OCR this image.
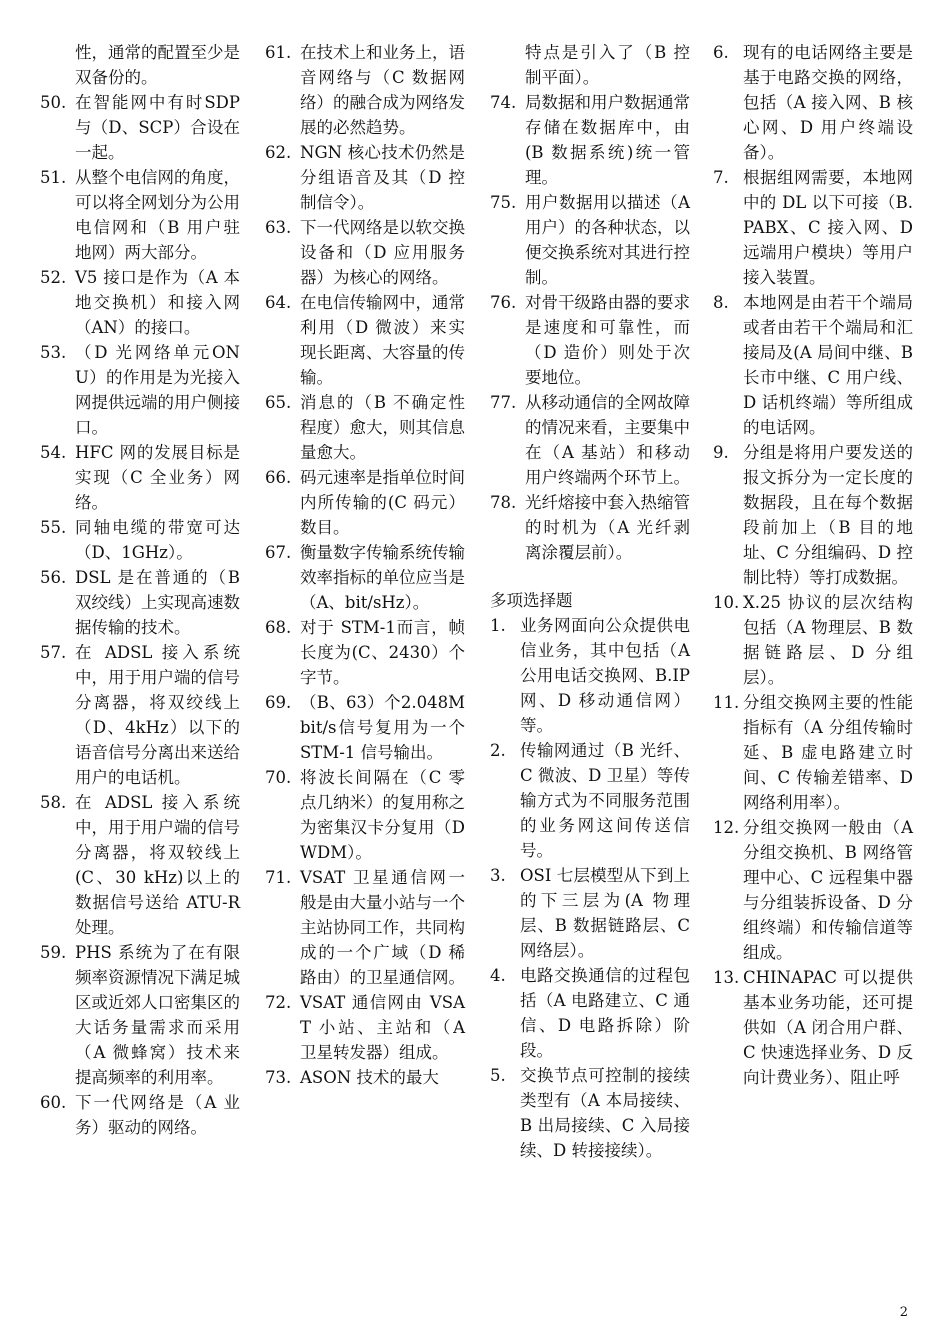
性，通常的配置至少是双备份的。
50. 在智能网中有时SDP与（D、SCP）合设在一起。
51. 从整个电信网的角度，可以将全网划分为公用电信网和（B 用户驻地网）两大部分。
52. V5 接口是作为（A 本地交换机）和接入网（AN）的接口。
53. （D 光网络单元ONU）的作用是为光接入网提供远端的用户侧接口。
54. HFC 网的发展目标是实现（C 全业务）网络。
55. 同轴电缆的带宽可达（D、1GHz）。
56. DSL 是在普通的（B 双绞线）上实现高速数据传输的技术。
57. 在 ADSL 接入系统中，用于用户端的信号分离器，将双绞线上（D、4kHz）以下的语音信号分离出来送给用户的电话机。
58. 在 ADSL 接入系统中，用于用户端的信号分离器，将双较线上(C、30 kHz)以上的数据信号送给 ATU-R 处理。
59. PHS 系统为了在有限频率资源情况下满足城区或近郊人口密集区的大话务量需求而采用（A 微蜂窝）技术来提高频率的利用率。
60. 下一代网络是（A 业务）驱动的网络。
61. 在技术上和业务上，语音网络与（C 数据网络）的融合成为网络发展的必然趋势。
62. NGN 核心技术仍然是分组语音及其（D 控制信令）。
63. 下一代网络是以软交换设备和（D 应用服务器）为核心的网络。
64. 在电信传输网中，通常利用（D 微波）来实现长距离、大容量的传输。
65. 消息的（B 不确定性程度）愈大，则其信息量愈大。
66. 码元速率是指单位时间内所传输的(C 码元）数目。
67. 衡量数字传输系统传输效率指标的单位应当是（A、bit/sHz）。
68. 对于 STM-1而言，帧长度为(C、2430）个字节。
69. （B、63）个2.048Mbit/s信号复用为一个 STM-1 信号输出。
70. 将波长间隔在（C 零点几纳米）的复用称之为密集汉卡分复用（DWDM）。
71. VSAT 卫星通信网一般是由大量小站与一个主站协同工作，共同构成的一个广域（D 稀路由）的卫星通信网。
72. VSAT 通信网由 VSAT 小站、主站和（A 卫星转发器）组成。
73. ASON 技术的最大
特点是引入了（B 控制平面）。
74. 局数据和用户数据通常存储在数据库中，由(B 数据系统)统一管理。
75. 用户数据用以描述（A 用户）的各种状态，以便交换系统对其进行控制。
76. 对骨干级路由器的要求是速度和可靠性，而（D 造价）则处于次要地位。
77. 从移动通信的全网故障的情况来看，主要集中在（A 基站）和移动用户终端两个环节上。
78. 光纤熔接中套入热缩管的时机为（A 光纤剥离涂覆层前）。
多项选择题
1. 业务网面向公众提供电信业务，其中包括（A 公用电话交换网、B.IP 网、D 移动通信网）等。
2. 传输网通过（B 光纤、C 微波、D 卫星）等传输方式为不同服务范围的业务网这间传送信号。
3. OSI 七层模型从下到上的下三层为(A 物理层、B 数据链路层、C 网络层）。
4. 电路交换通信的过程包括（A 电路建立、C 通信、D 电路拆除）阶段。
5. 交换节点可控制的接续类型有（A 本局接续、B 出局接续、C 入局接续、D 转接接续）。
6. 现有的电话网络主要是基于电路交换的网络，包括（A 接入网、B 核心网、D 用户终端设备）。
7. 根据组网需要，本地网中的 DL 以下可接（B.PABX、C 接入网、D 远端用户模块）等用户接入装置。
8. 本地网是由若干个端局或者由若干个端局和汇接局及(A 局间中继、B 长市中继、C 用户线、D 话机终端）等所组成的电话网。
9. 分组是将用户要发送的报文拆分为一定长度的数据段，且在每个数据段前加上（B 目的地址、C 分组编码、D 控制比特）等打成数据。
10. X.25 协议的层次结构包括（A 物理层、B 数据链路层、D 分组层）。
11. 分组交换网主要的性能指标有（A 分组传输时延、B 虚电路建立时间、C 传输差错率、D 网络利用率）。
12. 分组交换网一般由（A 分组交换机、B 网络管理中心、C 远程集中器与分组装拆设备、D 分组终端）和传输信道等组成。
13. CHINAPAC 可以提供基本业务功能，还可提供如（A 闭合用户群、C 快速选择业务、D 反向计费业务）、阻止呼
2
